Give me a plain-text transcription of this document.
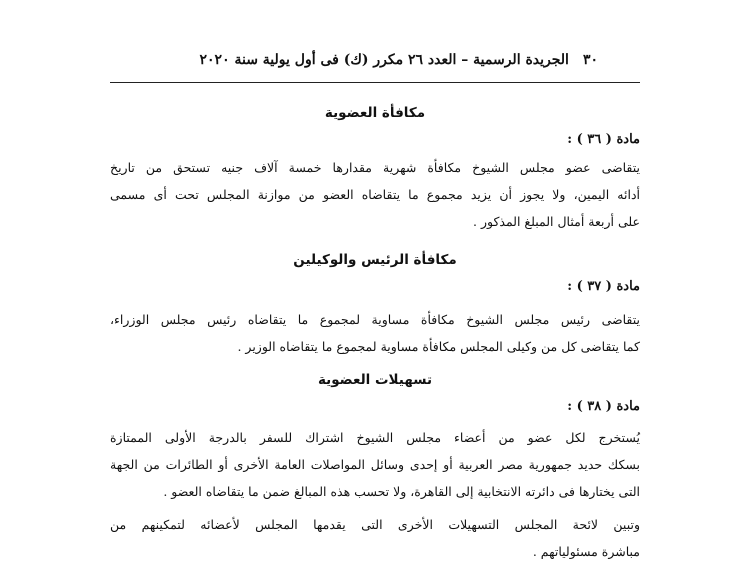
٣٠الجريدة الرسمية – العدد ٢٦ مكرر (ك) فى أول يولية سنة ٢٠٢٠
مكافأة العضوية
مادة ( ٣٦ ) :
يتقاضى عضو مجلس الشيوخ مكافأة شهرية مقدارها خمسة آلاف جنيه تستحق من تاريخ
أدائه اليمين، ولا يجوز أن يزيد مجموع ما يتقاضاه العضو من موازنة المجلس تحت أى مسمى
على أربعة أمثال المبلغ المذكور .
مكافأة الرئيس والوكيلين
مادة ( ٣٧ ) :
يتقاضى رئيس مجلس الشيوخ مكافأة مساوية لمجموع ما يتقاضاه رئيس مجلس الوزراء،
كما يتقاضى كل من وكيلى المجلس مكافأة مساوية لمجموع ما يتقاضاه الوزير .
تسهيلات العضوية
مادة ( ٣٨ ) :
يُستخرج لكل عضو من أعضاء مجلس الشيوخ اشتراك للسفر بالدرجة الأولى الممتازة
بسكك حديد جمهورية مصر العربية أو إحدى وسائل المواصلات العامة الأخرى أو الطائرات من الجهة
التى يختارها فى دائرته الانتخابية إلى القاهرة، ولا تحسب هذه المبالغ ضمن ما يتقاضاه العضو .
وتبين لائحة المجلس التسهيلات الأخرى التى يقدمها المجلس لأعضائه لتمكينهم من
مباشرة مسئولياتهم .
